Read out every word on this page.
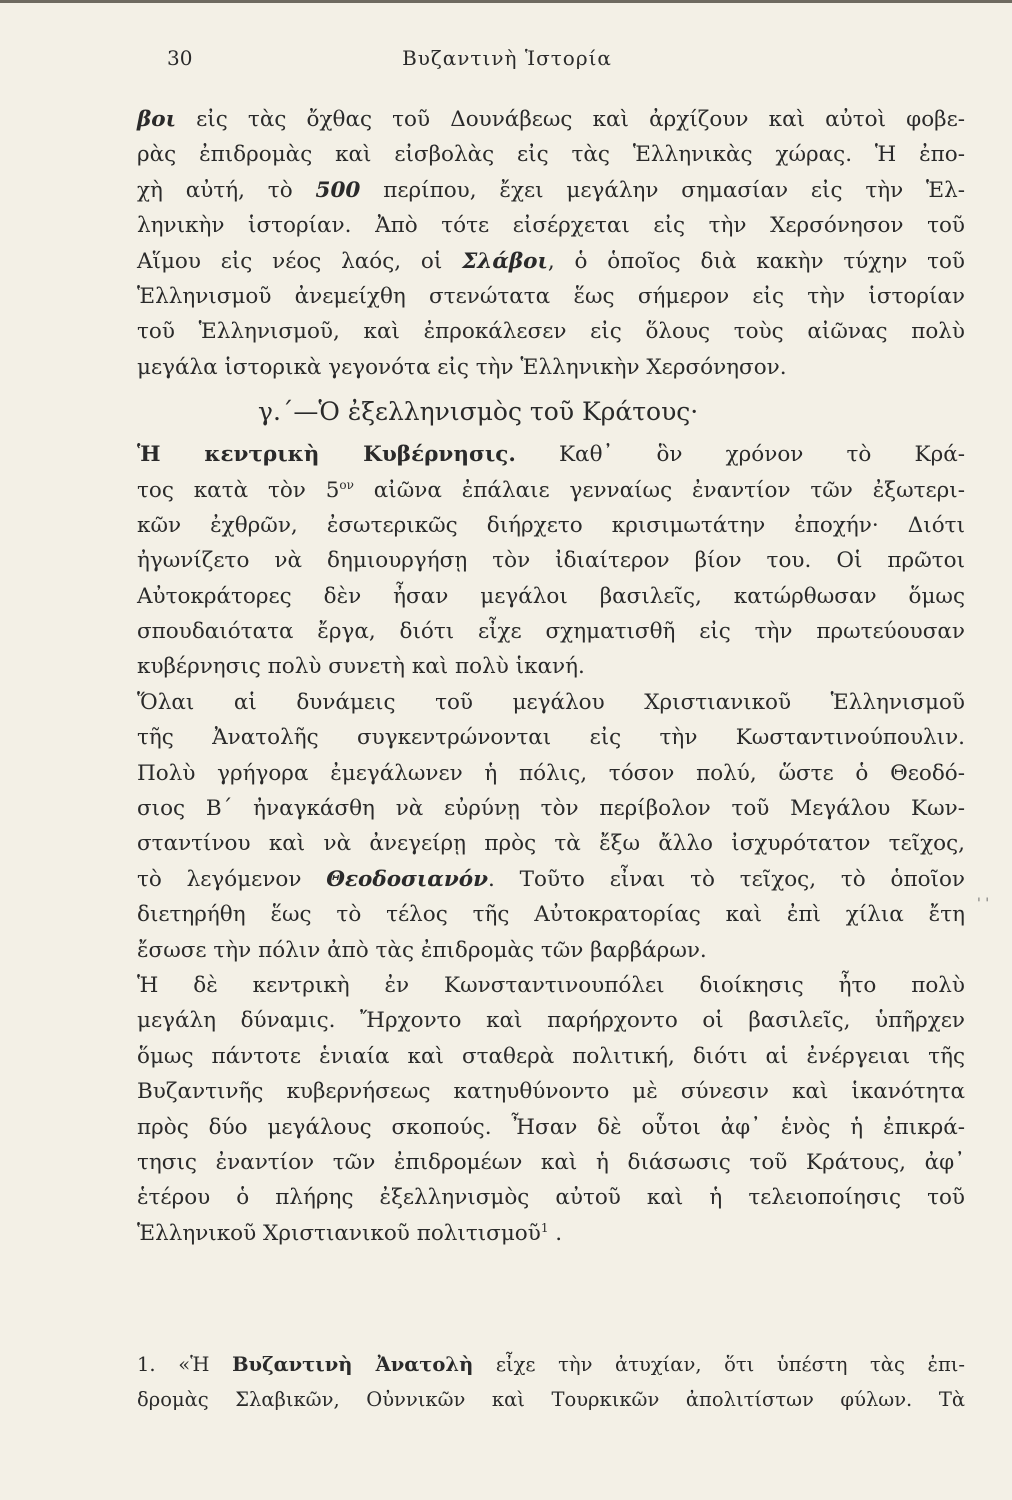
30	Βυζαντινὴ Ἱστορία
βοι εἰς τὰς ὄχθας τοῦ Δουνάβεως καὶ ἀρχίζουν καὶ αὐτοὶ φοβε-
ρὰς ἐπιδρομὰς καὶ εἰσβολὰς εἰς τὰς Ἑλληνικὰς χώρας. Ἡ ἐπο-
χὴ αὐτή, τὸ 500 περίπου, ἔχει μεγάλην σημασίαν εἰς τὴν Ἑλ-
ληνικὴν ἱστορίαν. Ἀπὸ τότε εἰσέρχεται εἰς τὴν Χερσόνησον τοῦ
Αἵμου εἰς νέος λαός, οἱ Σλάβοι, ὁ ὁποῖος διὰ κακὴν τύχην τοῦ
Ἑλληνισμοῦ ἀνεμείχθη στενώτατα ἕως σήμερον εἰς τὴν ἱστορίαν
τοῦ Ἑλληνισμοῦ, καὶ ἐπροκάλεσεν εἰς ὅλους τοὺς αἰῶνας πολὺ
μεγάλα ἱστορικὰ γεγονότα εἰς τὴν Ἑλληνικὴν Χερσόνησον.
γ.΄—Ὁ ἐξελληνισμὸς τοῦ Κράτους·
Ἡ κεντρικὴ Κυβέρνησις. Καθ᾽ ὃν χρόνον τὸ Κρά-
τος κατὰ τὸν $5^{o\nu}$ αἰῶνα ἐπάλαιε γενναίως ἐναντίον τῶν ἐξωτερι-
κῶν ἐχθρῶν, ἐσωτερικῶς διήρχετο κρισιμωτάτην ἐποχήν· Διότι
ἠγωνίζετο νὰ δημιουργήσῃ τὸν ἰδιαίτερον βίον του. Οἱ πρῶτοι
Αὐτοκράτορες δὲν ἦσαν μεγάλοι βασιλεῖς, κατώρθωσαν ὅμως
σπουδαιότατα ἔργα, διότι εἶχε σχηματισθῆ εἰς τὴν πρωτεύουσαν
κυβέρνησις πολὺ συνετὴ καὶ πολὺ ἱκανή.
Ὅλαι αἱ δυνάμεις τοῦ μεγάλου Χριστιανικοῦ Ἑλληνισμοῦ
τῆς Ἀνατολῆς συγκεντρώνονται εἰς τὴν Κωσταντινούπουλιν.
Πολὺ γρήγορα ἐμεγάλωνεν ἡ πόλις, τόσον πολύ, ὥστε ὁ Θεοδό-
σιος Β΄ ἠναγκάσθη νὰ εὐρύνῃ τὸν περίβολον τοῦ Μεγάλου Κων-
σταντίνου καὶ νὰ ἀνεγείρῃ πρὸς τὰ ἔξω ἄλλο ἰσχυρότατον τεῖχος,
τὸ λεγόμενον Θεοδοσιανόν. Τοῦτο εἶναι τὸ τεῖχος, τὸ ὁποῖον
διετηρήθη ἕως τὸ τέλος τῆς Αὐτοκρατορίας καὶ ἐπὶ χίλια ἔτη
ἔσωσε τὴν πόλιν ἀπὸ τὰς ἐπιδρομὰς τῶν βαρβάρων.
Ἡ δὲ κεντρικὴ ἐν Κωνσταντινουπόλει διοίκησις ἦτο πολὺ
μεγάλη δύναμις. Ἤρχοντο καὶ παρήρχοντο οἱ βασιλεῖς, ὑπῆρχεν
ὅμως πάντοτε ἑνιαία καὶ σταθερὰ πολιτική, διότι αἱ ἐνέργειαι τῆς
Βυζαντινῆς κυβερνήσεως κατηυθύνοντο μὲ σύνεσιν καὶ ἱκανότητα
πρὸς δύο μεγάλους σκοπούς. Ἦσαν δὲ οὗτοι ἀφ᾽ ἑνὸς ἡ ἐπικρά-
τησις ἐναντίον τῶν ἐπιδρομέων καὶ ἡ διάσωσις τοῦ Κράτους, ἀφ᾽
ἑτέρου ὁ πλήρης ἐξελληνισμὸς αὐτοῦ καὶ ἡ τελειοποίησις τοῦ
Ἑλληνικοῦ Χριστιανικοῦ πολιτισμοῦ$^1$ .
' '
1. «Ἡ Βυζαντινὴ Ἀνατολὴ εἶχε τὴν ἀτυχίαν, ὅτι ὑπέστη τὰς ἐπι-
δρομὰς Σλαβικῶν, Οὐννικῶν καὶ Τουρκικῶν ἀπολιτίστων φύλων. Τὰ
